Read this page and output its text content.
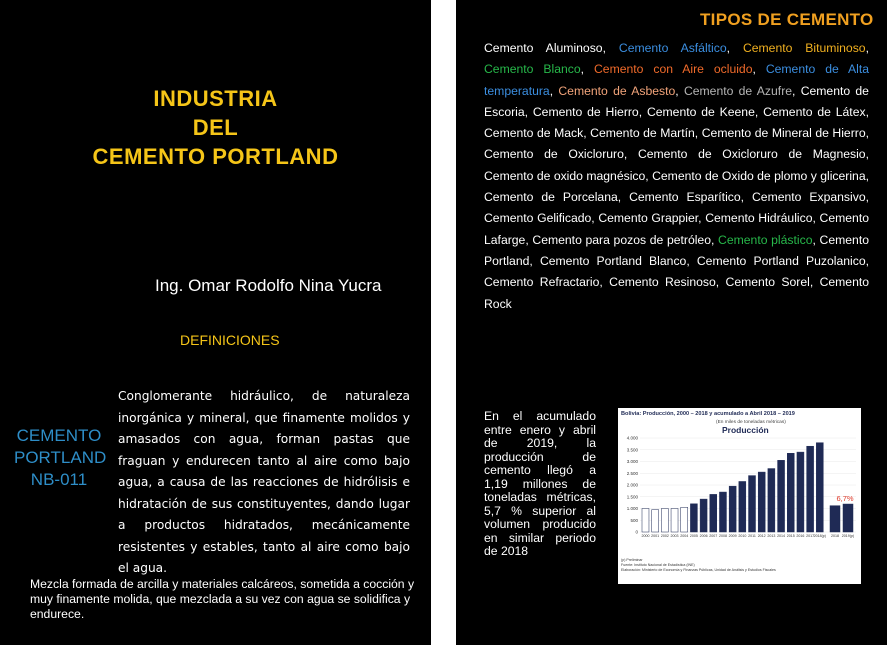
INDUSTRIA
DEL
CEMENTO PORTLAND
Ing. Omar Rodolfo Nina Yucra
DEFINICIONES
CEMENTO
PORTLAND
NB-011
Conglomerante hidráulico, de naturaleza inorgánica y mineral, que finamente molidos y amasados con agua, forman pastas que fraguan y endurecen tanto al aire como bajo agua, a causa de las reacciones de hidrólisis e hidratación de sus constituyentes, dando lugar a productos hidratados, mecánicamente resistentes y estables, tanto al aire como bajo el agua.
Mezcla formada de arcilla y materiales calcáreos, sometida a cocción y muy finamente molida, que mezclada a su vez con agua se solidifica y endurece.
TIPOS DE CEMENTO
Cemento Aluminoso, Cemento Asfáltico, Cemento Bituminoso, Cemento Blanco, Cemento con Aire ocluido, Cemento de Alta temperatura, Cemento de Asbesto, Cemento de Azufre, Cemento de Escoria, Cemento de Hierro, Cemento de Keene, Cemento de Látex, Cemento de Mack, Cemento de Martín, Cemento de Mineral de Hierro, Cemento de Oxicloruro, Cemento de Oxicloruro de Magnesio, Cemento de oxido magnésico, Cemento de Oxido de plomo y glicerina, Cemento de Porcelana, Cemento Esparítico, Cemento Expansivo, Cemento Gelificado, Cemento Grappier, Cemento Hidráulico, Cemento Lafarge, Cemento para pozos de petróleo, Cemento plástico, Cemento Portland, Cemento Portland Blanco, Cemento Portland Puzolanico, Cemento Refractario, Cemento Resinoso, Cemento Sorel, Cemento Rock
En el acumulado entre enero y abril de 2019, la producción de cemento llegó a 1,19 millones de toneladas métricas, 5,7 % superior al volumen producido en similar periodo de 2018
Bolivia: Producción, 2000 – 2018 y acumulado a Abril 2018 – 2019
(En miles de toneladas métricas)
Producción
0
500
1.000
1.500
2.000
2.500
3.000
3.500
4.000
2000 2001 2002 2003 2004 2005 2006 2007 2008 2009 2010 2011 2012 2013 2014 2015 2016 2017 2018(p) 2018 2019(p)
6,7%
(p) Preliminar
Fuente: Instituto Nacional de Estadística (INE)
Elaboración: Ministerio de Economía y Finanzas Públicas, Unidad de Análisis y Estudios Fiscales
